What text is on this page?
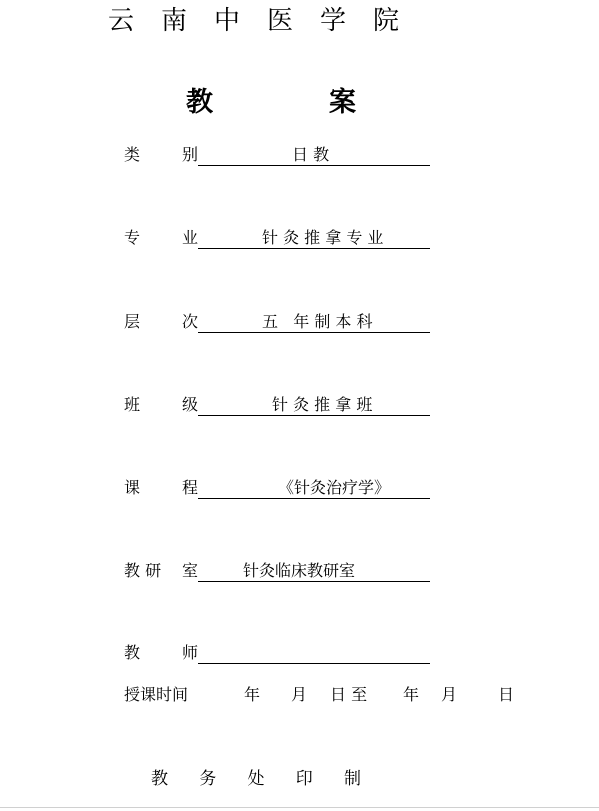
云南中医学院
教	案
类	别	日 教
专	业	针 灸 推 拿 专 业
层	次	五   年 制 本 科
班	级	针 灸 推 拿 班
课	程	《针灸治疗学》
教 研 室	针灸临床教研室
教	师
授课时间	年 月 日 至 年 月	日
教 务 处 印 制
